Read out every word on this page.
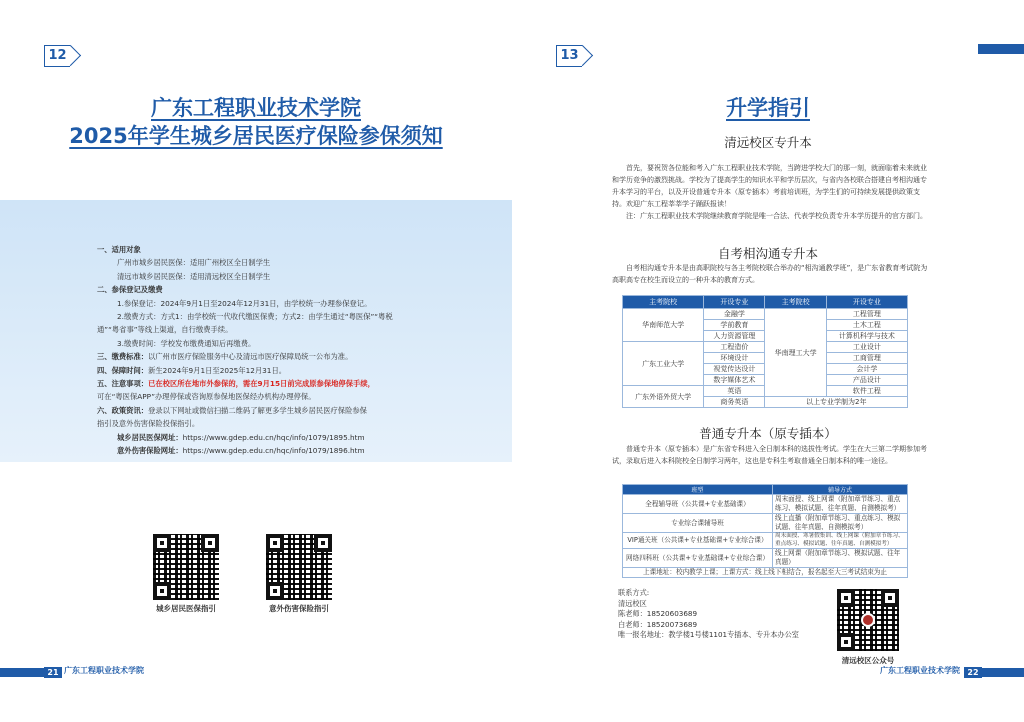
12
广东工程职业技术学院
2025年学生城乡居民医疗保险参保须知
一、适用对象
广州市城乡居民医保：适用广州校区全日制学生
清远市城乡居民医保：适用清远校区全日制学生
二、参保登记及缴费
1.参保登记：2024年9月1日至2024年12月31日，由学校统一办理参保登记。
2.缴费方式：方式1：由学校统一代收代缴医保费；方式2：由学生通过“粤医保”“粤税
通”“粤省事”等线上渠道，自行缴费手续。
3.缴费时间：学校发布缴费通知后再缴费。
三、缴费标准：以广州市医疗保险服务中心及清远市医疗保障局统一公布为准。
四、保障时间：新生2024年9月1日至2025年12月31日。
五、注意事项：已在校区所在地市外参保的，需在9月15日前完成原参保地停保手续，
可在“粤医保APP”办理停保或咨询原参保地医保经办机构办理停保。
六、政策资讯：登录以下网址或微信扫描二维码了解更多学生城乡居民医疗保险参保
指引及意外伤害保险投保指引。
城乡居民医保网址：https://www.gdep.edu.cn/hqc/info/1079/1895.htm
意外伤害保险网址：https://www.gdep.edu.cn/hqc/info/1079/1896.htm
城乡居民医保指引	意外伤害保险指引
21 广东工程职业技术学院
13
升学指引
清远校区专升本
首先，要祝贺各位能和考入广东工程职业技术学院，当跨进学校大门的那一刻，就面临着未来就业和学历竞争的激烈挑战。学校为了提高学生的知识水平和学历层次，与省内各校联合搭建自考相沟通专升本学习的平台，以及开设普通专升本（原专插本）考前培训班，为学生们的可持续发展提供政策支持。欢迎广东工程莘莘学子踊跃报读！
注：广东工程职业技术学院继续教育学院是唯一合法、代表学校负责专升本学历提升的官方部门。
自考相沟通专升本
自考相沟通专升本是由高职院校与各主考院校联合举办的“相沟通教学班”，是广东省教育考试院为高职高专在校生而设立的一种升本的教育方式。
主考院校	开设专业	主考院校	开设专业
华南师范大学	金融学	华南理工大学	工程管理
	学前教育		土木工程
	人力资源管理		计算机科学与技术
广东工业大学	工程造价		工业设计
	环境设计		工商管理
	视觉传达设计		会计学
	数字媒体艺术		产品设计
广东外语外贸大学	英语		软件工程
	商务英语	以上专业学制为2年	
普通专升本（原专插本）
普通专升本（原专插本）是广东省专科进入全日制本科的选拔性考试。学生在大三第二学期参加考试，录取后进入本科院校全日制学习两年，这也是专科生考取普通全日制本科的唯一途径。
班型	辅导方式
全程辅导班（公共课+专业基础课）	周末面授、线上网课（附加章节练习、重点练习、模拟试题、往年真题、自测模拟考）
专业综合课辅导班	线上直播（附加章节练习、重点练习、模拟试题、往年真题、自测模拟考）
VIP通关班（公共课+专业基础课+专业综合课）	周末面授、寒暑假集训、线上网课（附加章节练习、重点练习、模拟试题、往年真题、自测模拟考）
网络四科班（公共课+专业基础课+专业综合课）	线上网课（附加章节练习、模拟试题、往年真题）
上课地址：校内教学上课；上课方式：线上线下相结合，报名起至大三考试结束为止	
联系方式:
清远校区
陈老师：18520603689
白老师：18520073689
唯一报名地址：教学楼1号楼1101专插本、专升本办公室
清远校区公众号
广东工程职业技术学院 22
